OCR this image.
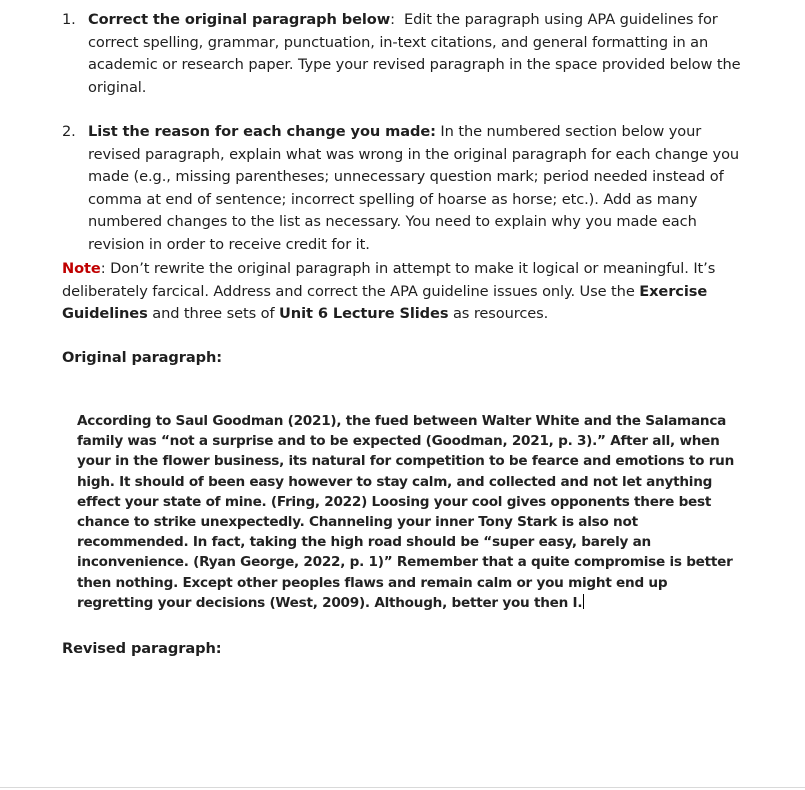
1. Correct the original paragraph below:  Edit the paragraph using APA guidelines for correct spelling, grammar, punctuation, in-text citations, and general formatting in an academic or research paper. Type your revised paragraph in the space provided below the original.
2. List the reason for each change you made: In the numbered section below your revised paragraph, explain what was wrong in the original paragraph for each change you made (e.g., missing parentheses; unnecessary question mark; period needed instead of comma at end of sentence; incorrect spelling of hoarse as horse; etc.). Add as many numbered changes to the list as necessary. You need to explain why you made each revision in order to receive credit for it.

Note: Don’t rewrite the original paragraph in attempt to make it logical or meaningful. It’s deliberately farcical. Address and correct the APA guideline issues only. Use the Exercise Guidelines and three sets of Unit 6 Lecture Slides as resources.

Original paragraph:

According to Saul Goodman (2021), the fued between Walter White and the Salamanca family was “not a surprise and to be expected (Goodman, 2021, p. 3).” After all, when your in the flower business, its natural for competition to be fearce and emotions to run high. It should of been easy however to stay calm, and collected and not let anything effect your state of mine. (Fring, 2022) Loosing your cool gives opponents there best chance to strike unexpectedly. Channeling your inner Tony Stark is also not recommended. In fact, taking the high road should be “super easy, barely an inconvenience. (Ryan George, 2022, p. 1)” Remember that a quite compromise is better then nothing. Except other peoples flaws and remain calm or you might end up regretting your decisions (West, 2009). Although, better you then I.

Revised paragraph:
